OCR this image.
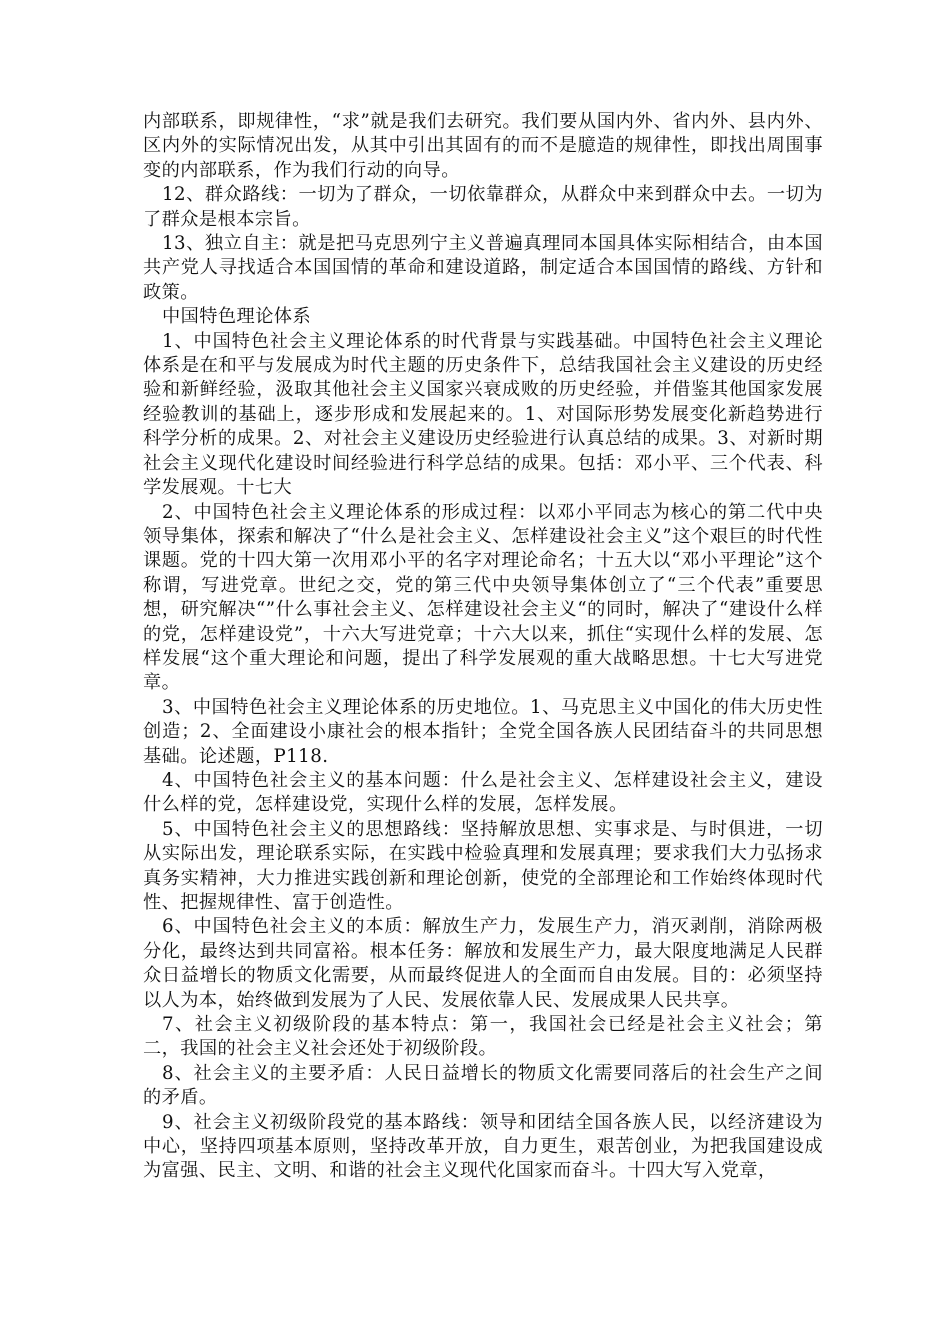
内部联系，即规律性，“求”就是我们去研究。我们要从国内外、省内外、县内外、区内外的实际情况出发，从其中引出其固有的而不是臆造的规律性，即找出周围事变的内部联系，作为我们行动的向导。

12、群众路线：一切为了群众，一切依靠群众，从群众中来到群众中去。一切为了群众是根本宗旨。

13、独立自主：就是把马克思列宁主义普遍真理同本国具体实际相结合，由本国共产党人寻找适合本国国情的革命和建设道路，制定适合本国国情的路线、方针和政策。

中国特色理论体系

1、中国特色社会主义理论体系的时代背景与实践基础。中国特色社会主义理论体系是在和平与发展成为时代主题的历史条件下，总结我国社会主义建设的历史经验和新鲜经验，汲取其他社会主义国家兴衰成败的历史经验，并借鉴其他国家发展经验教训的基础上，逐步形成和发展起来的。1、对国际形势发展变化新趋势进行科学分析的成果。2、对社会主义建设历史经验进行认真总结的成果。3、对新时期社会主义现代化建设时间经验进行科学总结的成果。包括：邓小平、三个代表、科学发展观。十七大

2、中国特色社会主义理论体系的形成过程：以邓小平同志为核心的第二代中央领导集体，探索和解决了“什么是社会主义、怎样建设社会主义”这个艰巨的时代性课题。党的十四大第一次用邓小平的名字对理论命名；十五大以“邓小平理论”这个称谓，写进党章。世纪之交，党的第三代中央领导集体创立了“三个代表”重要思想，研究解决“”什么事社会主义、怎样建设社会主义“的同时，解决了“建设什么样的党，怎样建设党”，十六大写进党章；十六大以来，抓住“实现什么样的发展、怎样发展“这个重大理论和问题，提出了科学发展观的重大战略思想。十七大写进党章。

3、中国特色社会主义理论体系的历史地位。1、马克思主义中国化的伟大历史性创造；2、全面建设小康社会的根本指针；全党全国各族人民团结奋斗的共同思想基础。论述题，P118.

4、中国特色社会主义的基本问题：什么是社会主义、怎样建设社会主义，建设什么样的党，怎样建设党，实现什么样的发展，怎样发展。

5、中国特色社会主义的思想路线：坚持解放思想、实事求是、与时俱进，一切从实际出发，理论联系实际，在实践中检验真理和发展真理；要求我们大力弘扬求真务实精神，大力推进实践创新和理论创新，使党的全部理论和工作始终体现时代性、把握规律性、富于创造性。

6、中国特色社会主义的本质：解放生产力，发展生产力，消灭剥削，消除两极分化，最终达到共同富裕。根本任务：解放和发展生产力，最大限度地满足人民群众日益增长的物质文化需要，从而最终促进人的全面而自由发展。目的：必须坚持以人为本，始终做到发展为了人民、发展依靠人民、发展成果人民共享。

7、社会主义初级阶段的基本特点：第一，我国社会已经是社会主义社会；第二，我国的社会主义社会还处于初级阶段。

8、社会主义的主要矛盾：人民日益增长的物质文化需要同落后的社会生产之间的矛盾。

9、社会主义初级阶段党的基本路线：领导和团结全国各族人民，以经济建设为中心，坚持四项基本原则，坚持改革开放，自力更生，艰苦创业，为把我国建设成为富强、民主、文明、和谐的社会主义现代化国家而奋斗。十四大写入党章，
